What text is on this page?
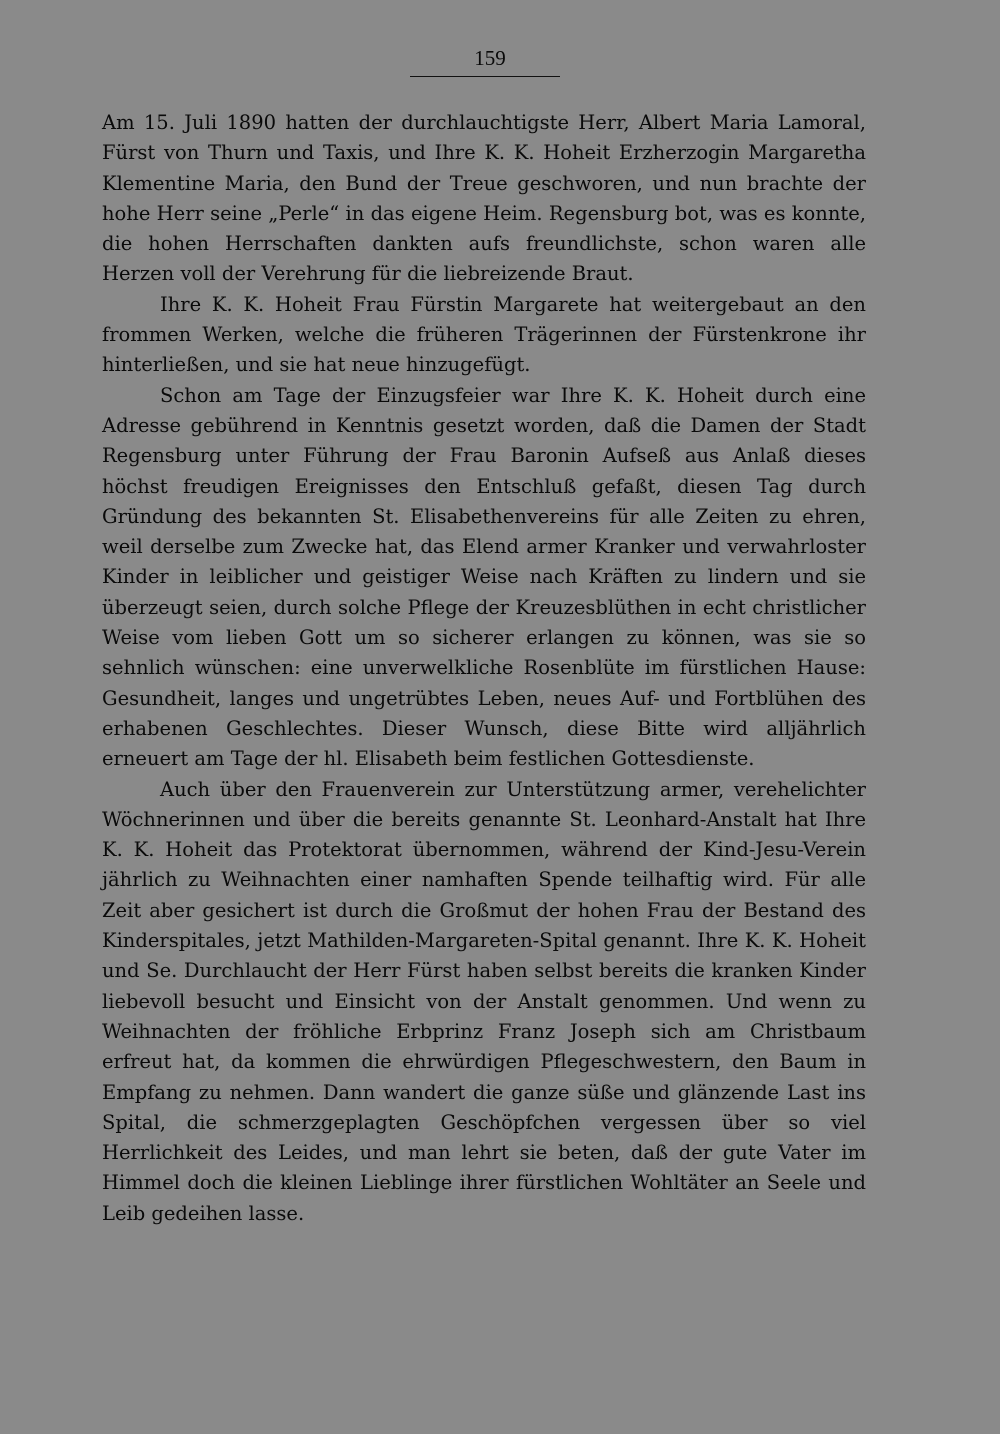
159

Am 15. Juli 1890 hatten der durchlauchtigste Herr, Albert Maria Lamoral, Fürst von Thurn und Taxis, und Ihre K. K. Hoheit Erzherzogin Margaretha Klementine Maria, den Bund der Treue geschworen, und nun brachte der hohe Herr seine „Perle“ in das eigene Heim. Regensburg bot, was es konnte, die hohen Herrschaften dankten aufs freundlichste, schon waren alle Herzen voll der Verehrung für die liebreizende Braut.

Ihre K. K. Hoheit Frau Fürstin Margarete hat weitergebaut an den frommen Werken, welche die früheren Trägerinnen der Fürstenkrone ihr hinterließen, und sie hat neue hinzugefügt.

Schon am Tage der Einzugsfeier war Ihre K. K. Hoheit durch eine Adresse gebührend in Kenntnis gesetzt worden, daß die Damen der Stadt Regensburg unter Führung der Frau Baronin Aufseß aus Anlaß dieses höchst freudigen Ereignisses den Entschluß gefaßt, diesen Tag durch Gründung des bekannten St. Elisabethenvereins für alle Zeiten zu ehren, weil derselbe zum Zwecke hat, das Elend armer Kranker und verwahrloster Kinder in leiblicher und geistiger Weise nach Kräften zu lindern und sie überzeugt seien, durch solche Pflege der Kreuzesblüthen in echt christlicher Weise vom lieben Gott um so sicherer erlangen zu können, was sie so sehnlich wünschen: eine unverwelkliche Rosenblüte im fürstlichen Hause: Gesundheit, langes und ungetrübtes Leben, neues Auf- und Fortblühen des erhabenen Geschlechtes. Dieser Wunsch, diese Bitte wird alljährlich erneuert am Tage der hl. Elisabeth beim festlichen Gottesdienste.

Auch über den Frauenverein zur Unterstützung armer, verehelichter Wöchnerinnen und über die bereits genannte St. Leonhard-Anstalt hat Ihre K. K. Hoheit das Protektorat übernommen, während der Kind-Jesu-Verein jährlich zu Weihnachten einer namhaften Spende teilhaftig wird. Für alle Zeit aber gesichert ist durch die Großmut der hohen Frau der Bestand des Kinderspitales, jetzt Mathilden-Margareten-Spital genannt. Ihre K. K. Hoheit und Se. Durchlaucht der Herr Fürst haben selbst bereits die kranken Kinder liebevoll besucht und Einsicht von der Anstalt genommen. Und wenn zu Weihnachten der fröhliche Erbprinz Franz Joseph sich am Christbaum erfreut hat, da kommen die ehrwürdigen Pflegeschwestern, den Baum in Empfang zu nehmen. Dann wandert die ganze süße und glänzende Last ins Spital, die schmerzgeplagten Geschöpfchen vergessen über so viel Herrlichkeit des Leides, und man lehrt sie beten, daß der gute Vater im Himmel doch die kleinen Lieblinge ihrer fürstlichen Wohltäter an Seele und Leib gedeihen lasse.
